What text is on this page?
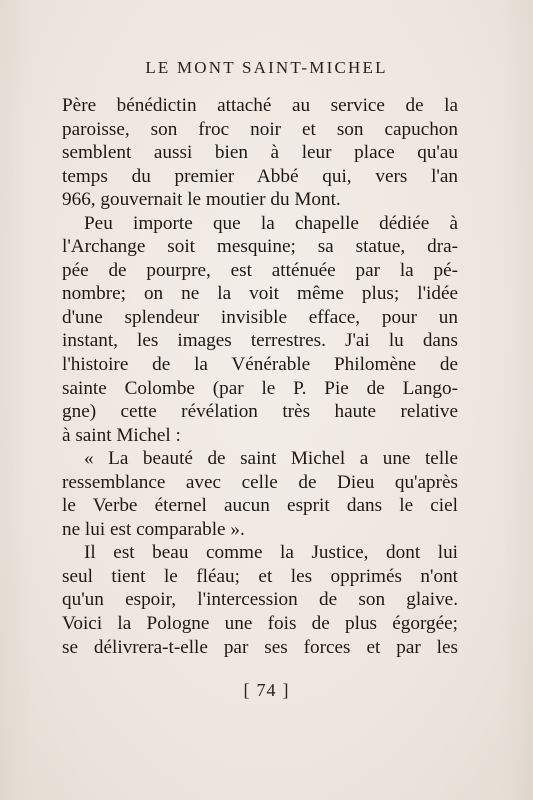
LE MONT SAINT-MICHEL
Père bénédictin attaché au service de la
paroisse, son froc noir et son capuchon
semblent aussi bien à leur place qu'au
temps du premier Abbé qui, vers l'an
966, gouvernait le moutier du Mont.
Peu importe que la chapelle dédiée à
l'Archange soit mesquine; sa statue, dra-
pée de pourpre, est atténuée par la pé-
nombre; on ne la voit même plus; l'idée
d'une splendeur invisible efface, pour un
instant, les images terrestres. J'ai lu dans
l'histoire de la Vénérable Philomène de
sainte Colombe (par le P. Pie de Lango-
gne) cette révélation très haute relative
à saint Michel :
« La beauté de saint Michel a une telle
ressemblance avec celle de Dieu qu'après
le Verbe éternel aucun esprit dans le ciel
ne lui est comparable ».
Il est beau comme la Justice, dont lui
seul tient le fléau; et les opprimés n'ont
qu'un espoir, l'intercession de son glaive.
Voici la Pologne une fois de plus égorgée;
se délivrera-t-elle par ses forces et par les
[ 74 ]
